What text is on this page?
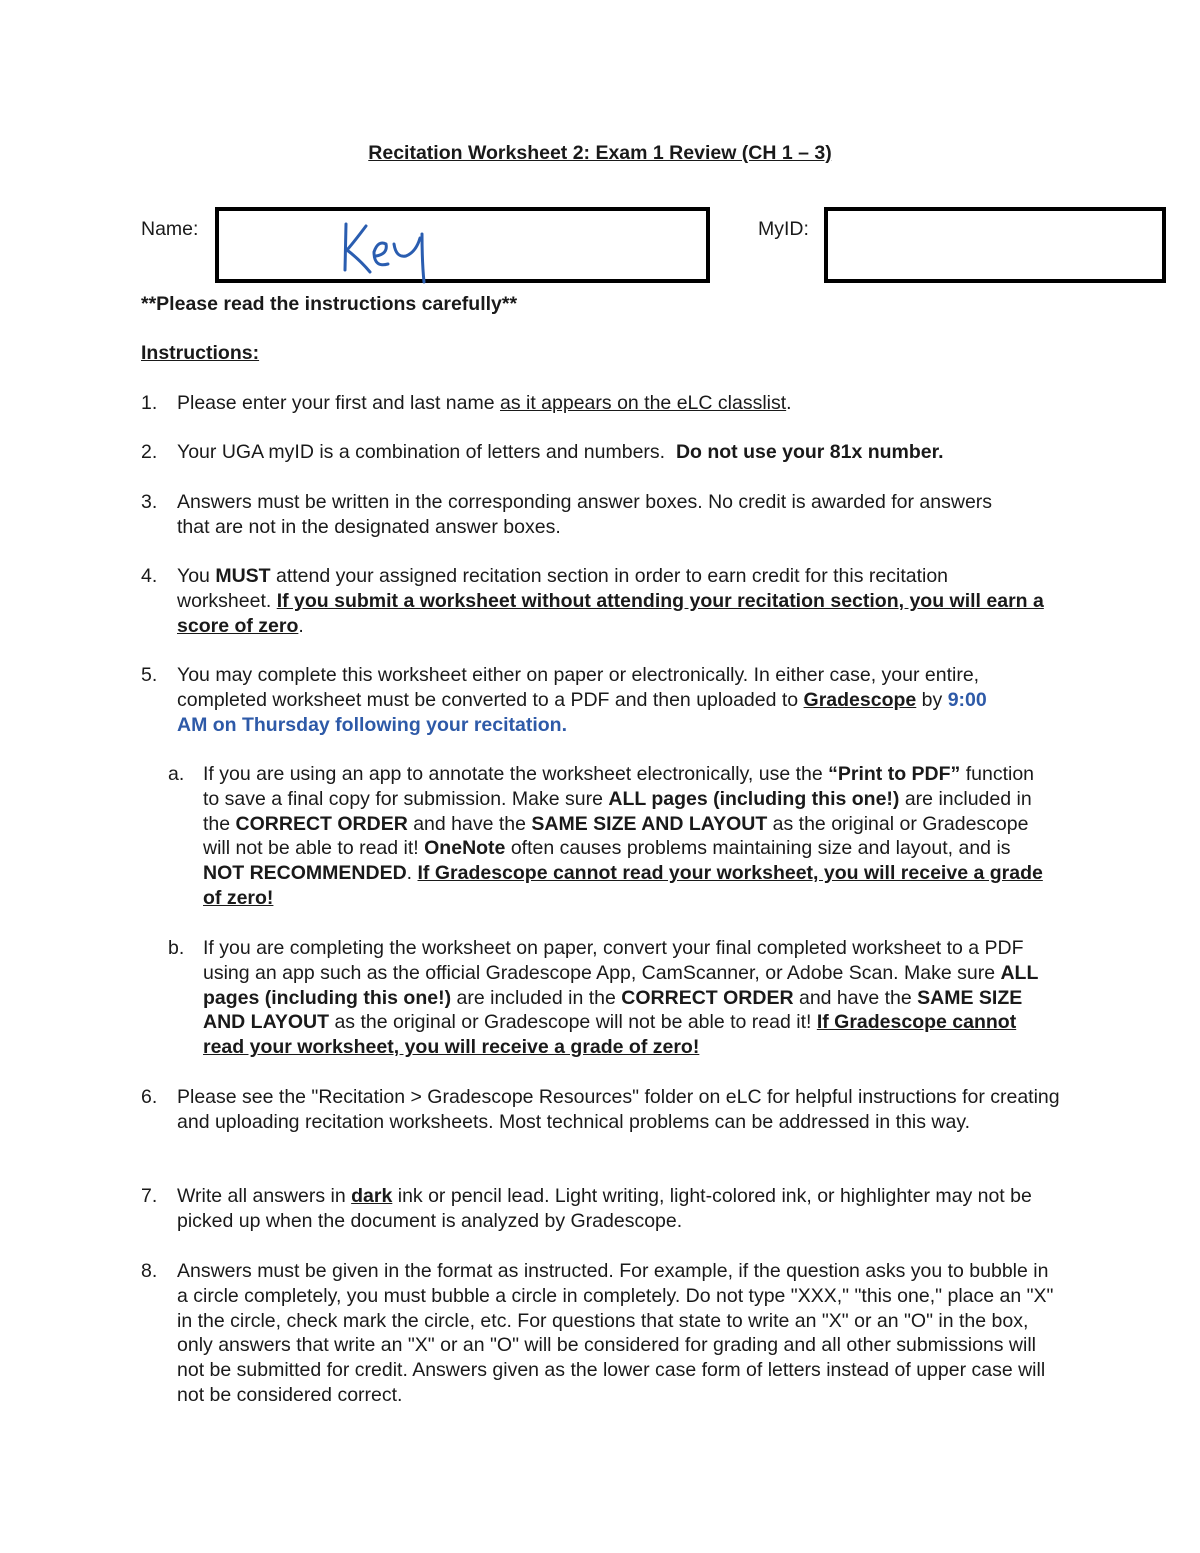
Recitation Worksheet 2: Exam 1 Review (CH 1 – 3)
Name:	MyID:
**Please read the instructions carefully**
Instructions:
1. Please enter your first and last name as it appears on the eLC classlist.
2. Your UGA myID is a combination of letters and numbers.  Do not use your 81x number.
3. Answers must be written in the corresponding answer boxes. No credit is awarded for answers that are not in the designated answer boxes.
4. You MUST attend your assigned recitation section in order to earn credit for this recitation worksheet. If you submit a worksheet without attending your recitation section, you will earn a score of zero.
5. You may complete this worksheet either on paper or electronically. In either case, your entire, completed worksheet must be converted to a PDF and then uploaded to Gradescope by 9:00 AM on Thursday following your recitation.
a. If you are using an app to annotate the worksheet electronically, use the “Print to PDF” function to save a final copy for submission. Make sure ALL pages (including this one!) are included in the CORRECT ORDER and have the SAME SIZE AND LAYOUT as the original or Gradescope will not be able to read it! OneNote often causes problems maintaining size and layout, and is NOT RECOMMENDED. If Gradescope cannot read your worksheet, you will receive a grade of zero!
b. If you are completing the worksheet on paper, convert your final completed worksheet to a PDF using an app such as the official Gradescope App, CamScanner, or Adobe Scan. Make sure ALL pages (including this one!) are included in the CORRECT ORDER and have the SAME SIZE AND LAYOUT as the original or Gradescope will not be able to read it! If Gradescope cannot read your worksheet, you will receive a grade of zero!
6. Please see the "Recitation > Gradescope Resources" folder on eLC for helpful instructions for creating and uploading recitation worksheets. Most technical problems can be addressed in this way.
7. Write all answers in dark ink or pencil lead. Light writing, light-colored ink, or highlighter may not be picked up when the document is analyzed by Gradescope.
8. Answers must be given in the format as instructed. For example, if the question asks you to bubble in a circle completely, you must bubble a circle in completely. Do not type "XXX," "this one," place an "X" in the circle, check mark the circle, etc. For questions that state to write an "X" or an "O" in the box, only answers that write an "X" or an "O" will be considered for grading and all other submissions will not be submitted for credit. Answers given as the lower case form of letters instead of upper case will not be considered correct.
